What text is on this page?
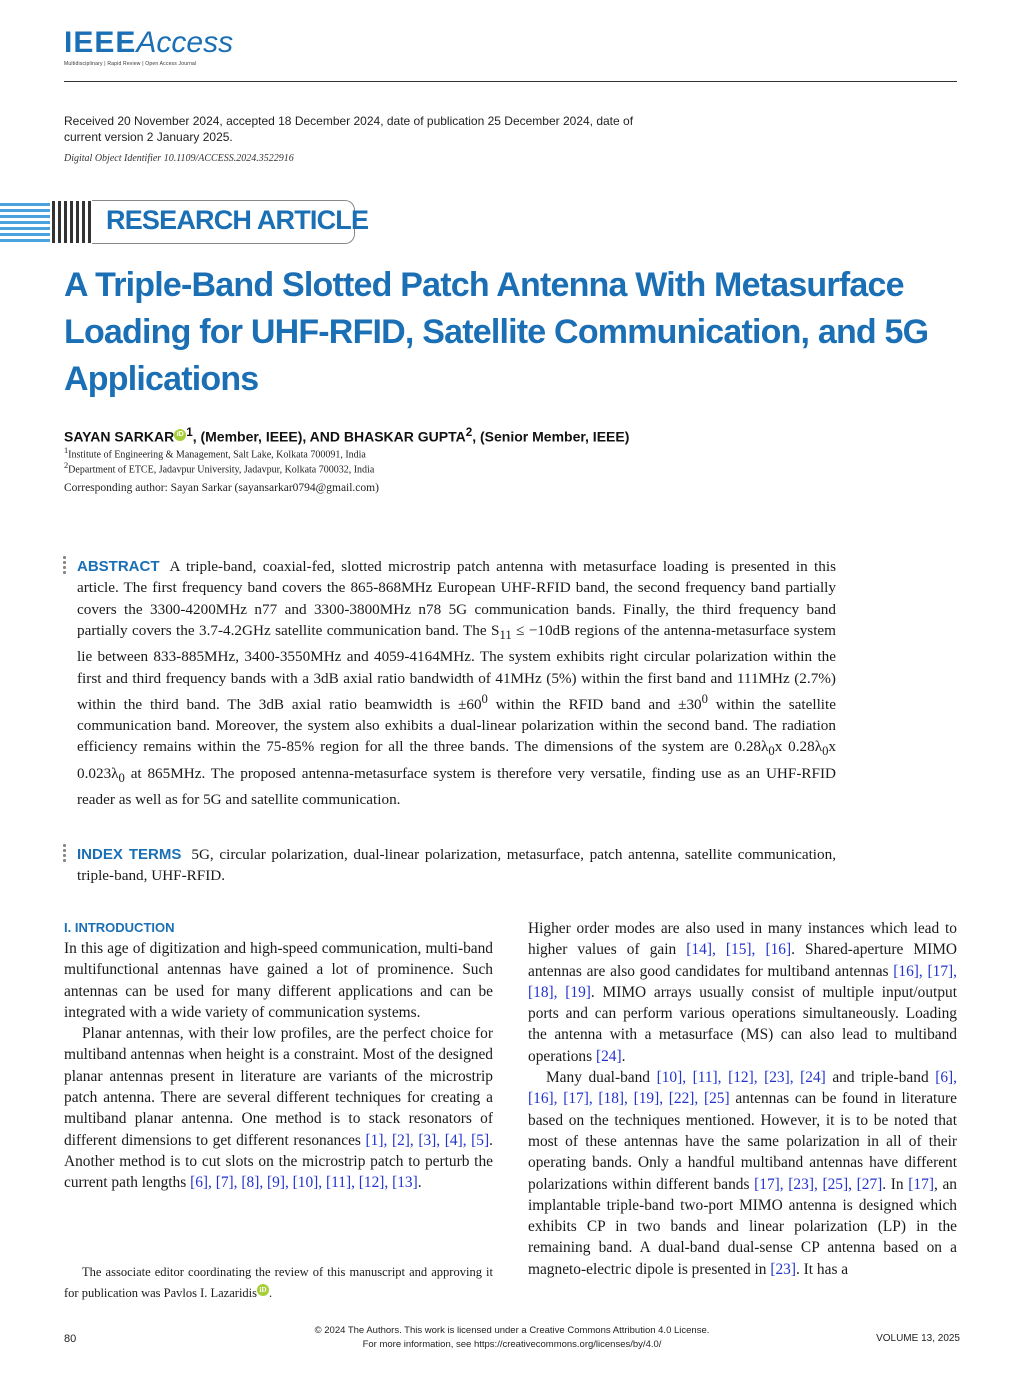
IEEEAccess
Multidisciplinary | Rapid Review | Open Access Journal
Received 20 November 2024, accepted 18 December 2024, date of publication 25 December 2024, date of current version 2 January 2025.
Digital Object Identifier 10.1109/ACCESS.2024.3522916
RESEARCH ARTICLE
A Triple-Band Slotted Patch Antenna With Metasurface Loading for UHF-RFID, Satellite Communication, and 5G Applications
SAYAN SARKAR iD $^1$, (Member, IEEE), AND BHASKAR GUPTA$^2$, (Senior Member, IEEE)
$^1$Institute of Engineering & Management, Salt Lake, Kolkata 700091, India
$^2$Department of ETCE, Jadavpur University, Jadavpur, Kolkata 700032, India
Corresponding author: Sayan Sarkar (sayansarkar0794@gmail.com)
ABSTRACT A triple-band, coaxial-fed, slotted microstrip patch antenna with metasurface loading is presented in this article. The first frequency band covers the 865-868MHz European UHF-RFID band, the second frequency band partially covers the 3300-4200MHz n77 and 3300-3800MHz n78 5G communication bands. Finally, the third frequency band partially covers the 3.7-4.2GHz satellite communication band. The $S_{11} \le -10dB$ regions of the antenna-metasurface system lie between 833-885MHz, 3400-3550MHz and 4059-4164MHz. The system exhibits right circular polarization within the first and third frequency bands with a 3dB axial ratio bandwidth of 41MHz (5%) within the first band and 111MHz (2.7%) within the third band. The 3dB axial ratio beamwidth is $\pm 60^0$ within the RFID band and $\pm 30^0$ within the satellite communication band. Moreover, the system also exhibits a dual-linear polarization within the second band. The radiation efficiency remains within the 75-85% region for all the three bands. The dimensions of the system are $0.28\lambda_0x$ $0.28\lambda_0x$ $0.023\lambda_0$ at 865MHz. The proposed antenna-metasurface system is therefore very versatile, finding use as an UHF-RFID reader as well as for 5G and satellite communication.
INDEX TERMS 5G, circular polarization, dual-linear polarization, metasurface, patch antenna, satellite communication, triple-band, UHF-RFID.
I. INTRODUCTION

In this age of digitization and high-speed communication, multi-band multifunctional antennas have gained a lot of prominence. Such antennas can be used for many different applications and can be integrated with a wide variety of communication systems.

Planar antennas, with their low profiles, are the perfect choice for multiband antennas when height is a constraint. Most of the designed planar antennas present in literature are variants of the microstrip patch antenna. There are several different techniques for creating a multiband planar antenna. One method is to stack resonators of different dimensions to get different resonances [1], [2], [3], [4], [5]. Another method is to cut slots on the microstrip patch to perturb the current path lengths [6], [7], [8], [9], [10], [11], [12], [13].

The associate editor coordinating the review of this manuscript and approving it for publication was Pavlos I. Lazaridis iD .

Higher order modes are also used in many instances which lead to higher values of gain [14], [15], [16]. Shared-aperture MIMO antennas are also good candidates for multiband antennas [16], [17], [18], [19]. MIMO arrays usually consist of multiple input/output ports and can perform various operations simultaneously. Loading the antenna with a metasurface (MS) can also lead to multiband operations [24].

Many dual-band [10], [11], [12], [23], [24] and triple-band [6], [16], [17], [18], [19], [22], [25] antennas can be found in literature based on the techniques mentioned. However, it is to be noted that most of these antennas have the same polarization in all of their operating bands. Only a handful multiband antennas have different polarizations within different bands [17], [23], [25], [27]. In [17], an implantable triple-band two-port MIMO antenna is designed which exhibits CP in two bands and linear polarization (LP) in the remaining band. A dual-band dual-sense CP antenna based on a magneto-electric dipole is presented in [23]. It has a

80
© 2024 The Authors. This work is licensed under a Creative Commons Attribution 4.0 License.
For more information, see https://creativecommons.org/licenses/by/4.0/
VOLUME 13, 2025
